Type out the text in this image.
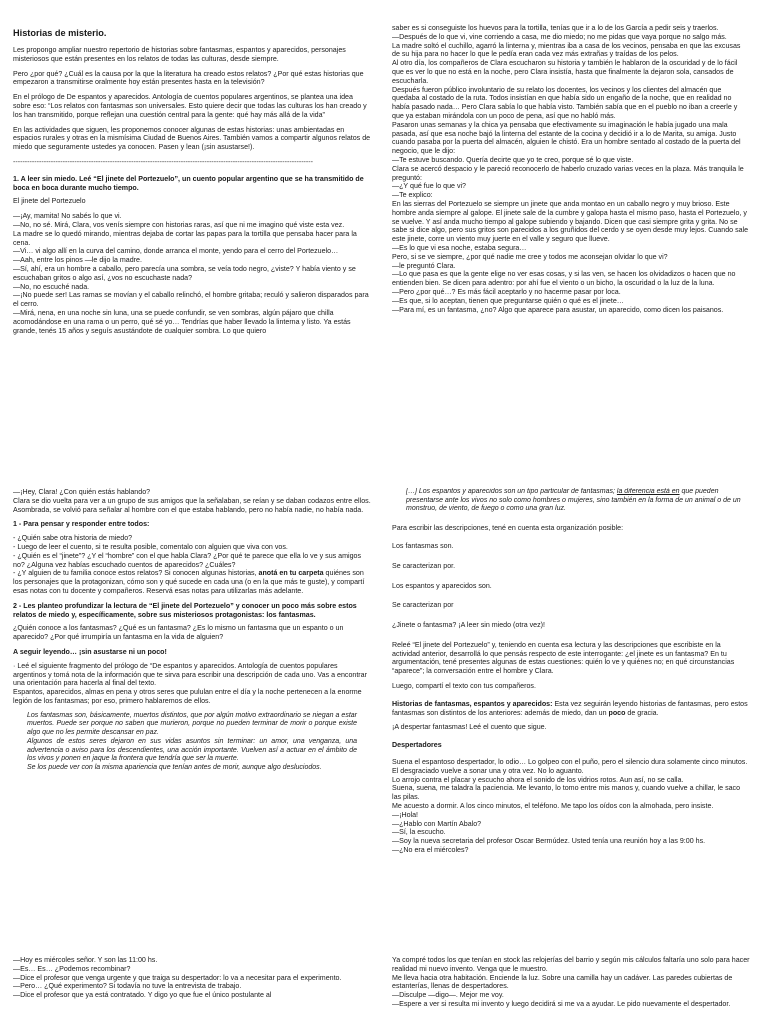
Historias de misterio.

Les propongo ampliar nuestro repertorio de historias sobre fantasmas, espantos y aparecidos, personajes misteriosos que están presentes en los relatos de todas las culturas, desde siempre.

Pero ¿por qué? ¿Cuál es la causa por la que la literatura ha creado estos relatos? ¿Por qué estas historias que empezaron a transmitirse oralmente hoy están presentes hasta en la televisión?

En el prólogo de De espantos y aparecidos. Antología de cuentos populares argentinos, se plantea una idea sobre eso: “Los relatos con fantasmas son universales. Esto quiere decir que todas las culturas los han creado y los han transmitido, porque reflejan una cuestión central para la gente: qué hay más allá de la vida”

En las actividades que siguen, les proponemos conocer algunas de estas historias: unas ambientadas en espacios rurales y otras en la mismísima Ciudad de Buenos Aires. También vamos a compartir algunos relatos de miedo que seguramente ustedes ya conocen. Pasen y lean (¡sin asustarse!).

-------------------------------------------------------------------------------------------------------------------------------
1. A leer sin miedo. Leé “El jinete del Portezuelo”, un cuento popular argentino que se ha transmitido de boca en boca durante mucho tiempo.

El jinete del Portezuelo

—¡Ay, mamita! No sabés lo que vi.

—No, no sé. Mirá, Clara, vos venís siempre con historias raras, así que ni me imagino qué viste esta vez.

La madre se lo quedó mirando, mientras dejaba de cortar las papas para la tortilla que pensaba hacer para la cena.

—Vi… vi algo allí en la curva del camino, donde arranca el monte, yendo para el cerro del Portezuelo…

—Aah, entre los pinos —le dijo la madre.

—Sí, ahí, era un hombre a caballo, pero parecía una sombra, se veía todo negro, ¿viste? Y había viento y se escuchaban gritos o algo así, ¿vos no escuchaste nada?

—No, no escuché nada.

—¡No puede ser! Las ramas se movían y el caballo relinchó, el hombre gritaba; reculó y salieron disparados para el cerro.

—Mirá, nena, en una noche sin luna, una se puede confundir, se ven sombras, algún pájaro que chilla acomodándose en una rama o un perro, qué sé yo… Tendrías que haber llevado la linterna y listo. Ya estás grande, tenés 15 años y seguís asustándote de cualquier sombra. Lo que quiero

saber es si conseguiste los huevos para la tortilla, tenías que ir a lo de los García a pedir seis y traerlos.

—Después de lo que vi, vine corriendo a casa, me dio miedo; no me pidas que vaya porque no salgo más.

La madre soltó el cuchillo, agarró la linterna y, mientras iba a casa de los vecinos, pensaba en que las excusas de su hija para no hacer lo que le pedía eran cada vez más extrañas y traídas de los pelos.

Al otro día, los compañeros de Clara escucharon su historia y también le hablaron de la oscuridad y de lo fácil que es ver lo que no está en la noche, pero Clara insistía, hasta que finalmente la dejaron sola, cansados de escucharla.

Después fueron público involuntario de su relato los docentes, los vecinos y los clientes del almacén que quedaba al costado de la ruta. Todos insistían en que había sido un engaño de la noche, que en realidad no había pasado nada… Pero Clara sabía lo que había visto. También sabía que en el pueblo no iban a creerle y que ya estaban mirándola con un poco de pena, así que no habló más.

Pasaron unas semanas y la chica ya pensaba que efectivamente su imaginación le había jugado una mala pasada, así que esa noche bajó la linterna del estante de la cocina y decidió ir a lo de Marita, su amiga. Justo cuando pasaba por la puerta del almacén, alguien le chistó. Era un hombre sentado al costado de la puerta del negocio, que le dijo:

—Te estuve buscando. Quería decirte que yo te creo, porque sé lo que viste.

Clara se acercó despacio y le pareció reconocerlo de haberlo cruzado varias veces en la plaza. Más tranquila le preguntó:

—¿Y qué fue lo que vi?

—Te explico:

En las sierras del Portezuelo se siempre un jinete que anda montao en un caballo negro y muy brioso. Este hombre anda siempre al galope. El jinete sale de la cumbre y galopa hasta el mismo paso, hasta el Portezuelo, y se vuelve. Y así anda mucho tiempo al galope subiendo y bajando. Dicen que casi siempre grita y grita. No se sabe si dice algo, pero sus gritos son parecidos a los gruñidos del cerdo y se oyen desde muy lejos. Cuando sale este jinete, corre un viento muy juerte en el valle y seguro que llueve.

—Es lo que vi esa noche, estaba segura…

Pero, si se ve siempre, ¿por qué nadie me cree y todos me aconsejan olvidar lo que vi?

—le preguntó Clara.

—Lo que pasa es que la gente elige no ver esas cosas, y si las ven, se hacen los olvidadizos o hacen que no entienden bien. Se dicen para adentro: por ahí fue el viento o un bicho, la oscuridad o la luz de la luna.

—Pero ¿por qué…? Es más fácil aceptarlo y no hacerme pasar por loca.

—Es que, si lo aceptan, tienen que preguntarse quién o qué es el jinete…

—Para mí, es un fantasma, ¿no? Algo que aparece para asustar, un aparecido, como dicen los paisanos.

—¡Hey, Clara! ¿Con quién estás hablando?

Clara se dio vuelta para ver a un grupo de sus amigos que la señalaban, se reían y se daban codazos entre ellos. Asombrada, se volvió para señalar al hombre con el que estaba hablando, pero no había nadie, no había nada.

1 - Para pensar y responder entre todos:
- ¿Quién sabe otra historia de miedo?
- Luego de leer el cuento, si te resulta posible, comentalo con alguien que viva con vos.
- ¿Quién es el “jinete”? ¿Y el “hombre” con el que habla Clara? ¿Por qué te parece que ella lo ve y sus amigos no? ¿Alguna vez habías escuchado cuentos de aparecidos? ¿Cuáles?
- ¿Y alguien de tu familia conoce estos relatos? Si conocen algunas historias, anotá en tu carpeta quiénes son los personajes que la protagonizan, cómo son y qué sucede en cada una (o en la que más te guste), y compartí esas notas con tu docente y compañeros. Reservá esas notas para utilizarlas más adelante.
2 - Les planteo profundizar la lectura de “El jinete del Portezuelo” y conocer un poco más sobre estos relatos de miedo y, específicamente, sobre sus misteriosos protagonistas: los fantasmas.

¿Quién conoce a los fantasmas? ¿Qué es un fantasma? ¿Es lo mismo un fantasma que un espanto o un aparecido? ¿Por qué irrumpiría un fantasma en la vida de alguien?

A seguir leyendo… ¡sin asustarse ni un poco!

· Leé el siguiente fragmento del prólogo de “De espantos y aparecidos. Antología de cuentos populares argentinos y tomá nota de la información que te sirva para escribir una descripción de cada uno. Vas a encontrar una orientación para hacerla al final del texto.

Espantos, aparecidos, almas en pena y otros seres que pululan entre el día y la noche pertenecen a la enorme legión de los fantasmas; por eso, primero hablaremos de ellos.

Los fantasmas son, básicamente, muertos distintos, que por algún motivo extraordinario se niegan a estar muertos. Puede ser porque no saben que murieron, porque no pueden terminar de morir o porque existe algo que no les permite descansar en paz.
Algunos de estos seres dejaron en sus vidas asuntos sin terminar: un amor, una venganza, una advertencia o aviso para los descendientes, una acción importante. Vuelven así a actuar en el ámbito de los vivos y ponen en jaque la frontera que tendría que ser la muerte.
Se los puede ver con la misma apariencia que tenían antes de morir, aunque algo desluciodos.
[…] Los espantos y aparecidos son un tipo particular de fantasmas; la diferencia está en que pueden presentarse ante los vivos no solo como hombres o mujeres, sino también en la forma de un animal o de un monstruo, de viento, de fuego o como una gran luz.

Para escribir las descripciones, tené en cuenta esta organización posible:

Los fantasmas son.

Se caracterizan por.

Los espantos y aparecidos son.

Se caracterizan por

¿Jinete o fantasma? ¡A leer sin miedo (otra vez)!

Releé “El jinete del Portezuelo” y, teniendo en cuenta esa lectura y las descripciones que escribiste en la actividad anterior, desarrollá lo que pensás respecto de este interrogante: ¿el jinete es un fantasma? En tu argumentación, tené presentes algunas de estas cuestiones: quién lo ve y quiénes no; en qué circunstancias “aparece”; la conversación entre el hombre y Clara.

Luego, compartí el texto con tus compañeros.

Historias de fantasmas, espantos y aparecidos: Esta vez seguirán leyendo historias de fantasmas, pero estos fantasmas son distintos de los anteriores: además de miedo, dan un poco de gracia.

¡A despertar fantasmas! Leé el cuento que sigue.

Despertadores

Suena el espantoso despertador, lo odio… Lo golpeo con el puño, pero el silencio dura solamente cinco minutos. El desgraciado vuelve a sonar una y otra vez. No lo aguanto.

Lo arrojo contra el placar y escucho ahora el sonido de los vidrios rotos. Aun así, no se calla.

Suena, suena, me taladra la paciencia. Me levanto, lo tomo entre mis manos y, cuando vuelve a chillar, le saco las pilas.

Me acuesto a dormir. A los cinco minutos, el teléfono. Me tapo los oídos con la almohada, pero insiste.

—¡Hola!

—¿Hablo con Martín Abalo?

—Sí, la escucho.

—Soy la nueva secretaria del profesor Oscar Bermúdez. Usted tenía una reunión hoy a las 9:00 hs.

—¿No era el miércoles?

—Hoy es miércoles señor. Y son las 11:00 hs.

—Es… Es… ¿Podemos recombinar?

—Dice el profesor que venga urgente y que traiga su despertador: lo va a necesitar para el experimento.

—Pero… ¿Qué experimento? Si todavía no tuve la entrevista de trabajo.

—Dice el profesor que ya está contratado. Y digo yo que fue el único postulante al

Ya compré todos los que tenían en stock las relojerías del barrio y según mis cálculos faltaría uno solo para hacer realidad mi nuevo invento. Venga que le muestro.

Me lleva hacia otra habitación. Enciende la luz. Sobre una camilla hay un cadáver. Las paredes cubiertas de estanterías, llenas de despertadores.

—Disculpe —digo—. Mejor me voy.

—Espere a ver si resulta mi invento y luego decidirá si me va a ayudar. Le pido nuevamente el despertador.
